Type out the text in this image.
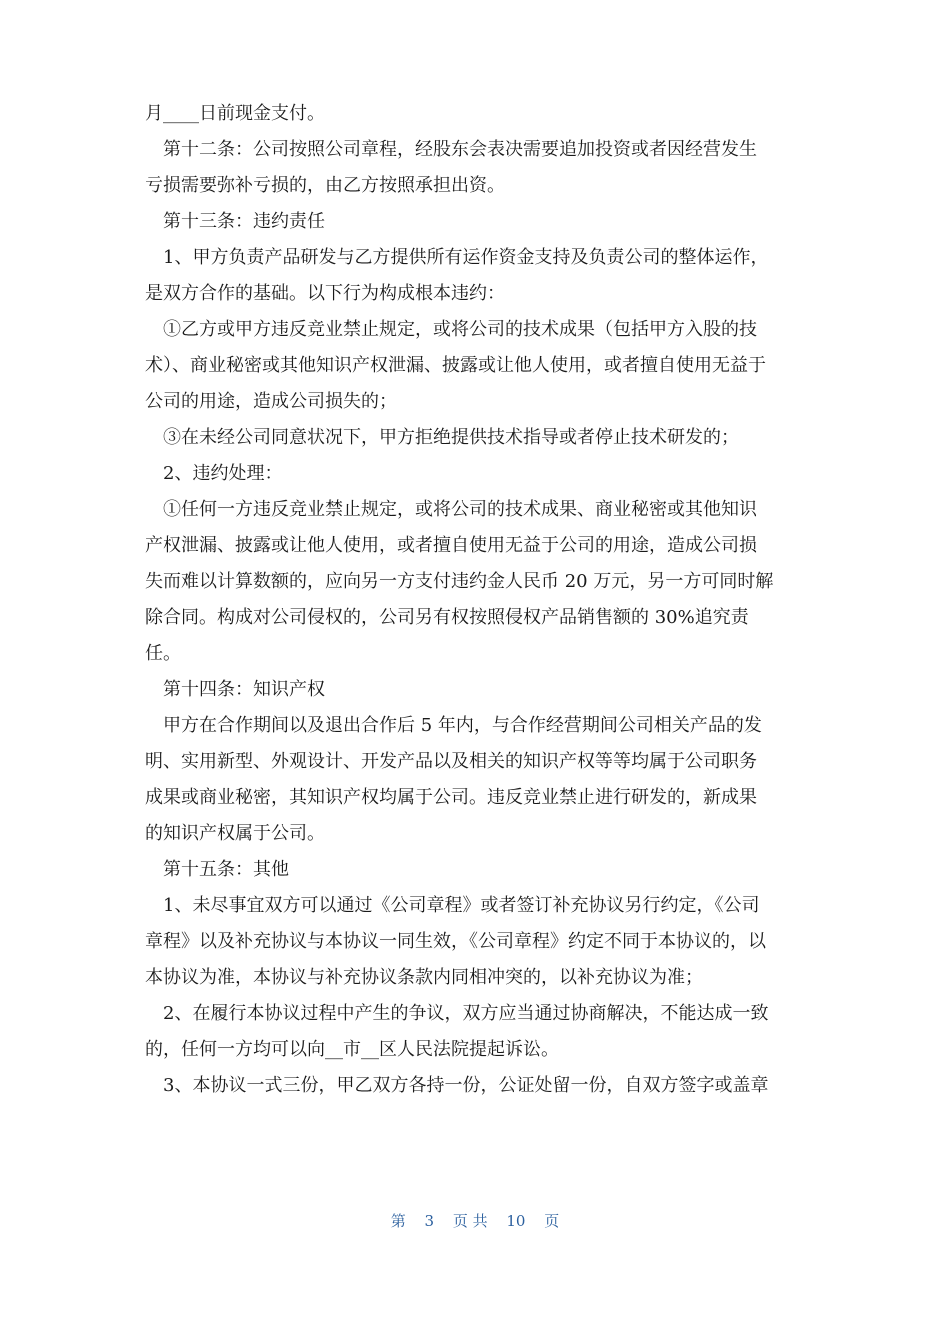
月____日前现金支付。

第十二条：公司按照公司章程，经股东会表决需要追加投资或者因经营发生
亏损需要弥补亏损的，由乙方按照承担出资。

第十三条：违约责任

1、甲方负责产品研发与乙方提供所有运作资金支持及负责公司的整体运作，
是双方合作的基础。以下行为构成根本违约：

①乙方或甲方违反竞业禁止规定，或将公司的技术成果（包括甲方入股的技
术）、商业秘密或其他知识产权泄漏、披露或让他人使用，或者擅自使用无益于
公司的用途，造成公司损失的；

③在未经公司同意状况下，甲方拒绝提供技术指导或者停止技术研发的；

2、违约处理：

①任何一方违反竞业禁止规定，或将公司的技术成果、商业秘密或其他知识
产权泄漏、披露或让他人使用，或者擅自使用无益于公司的用途，造成公司损
失而难以计算数额的，应向另一方支付违约金人民币 20 万元，另一方可同时解
除合同。构成对公司侵权的，公司另有权按照侵权产品销售额的 30%追究责
任。

第十四条：知识产权

甲方在合作期间以及退出合作后 5 年内，与合作经营期间公司相关产品的发
明、实用新型、外观设计、开发产品以及相关的知识产权等等均属于公司职务
成果或商业秘密，其知识产权均属于公司。违反竞业禁止进行研发的，新成果
的知识产权属于公司。

第十五条：其他

1、未尽事宜双方可以通过《公司章程》或者签订补充协议另行约定，《公司
章程》以及补充协议与本协议一同生效，《公司章程》约定不同于本协议的，以
本协议为准，本协议与补充协议条款内同相冲突的，以补充协议为准；

2、在履行本协议过程中产生的争议，双方应当通过协商解决，不能达成一致
的，任何一方均可以向__市__区人民法院提起诉讼。

3、本协议一式三份，甲乙双方各持一份，公证处留一份，自双方签字或盖章

第 3 页 共 10 页
